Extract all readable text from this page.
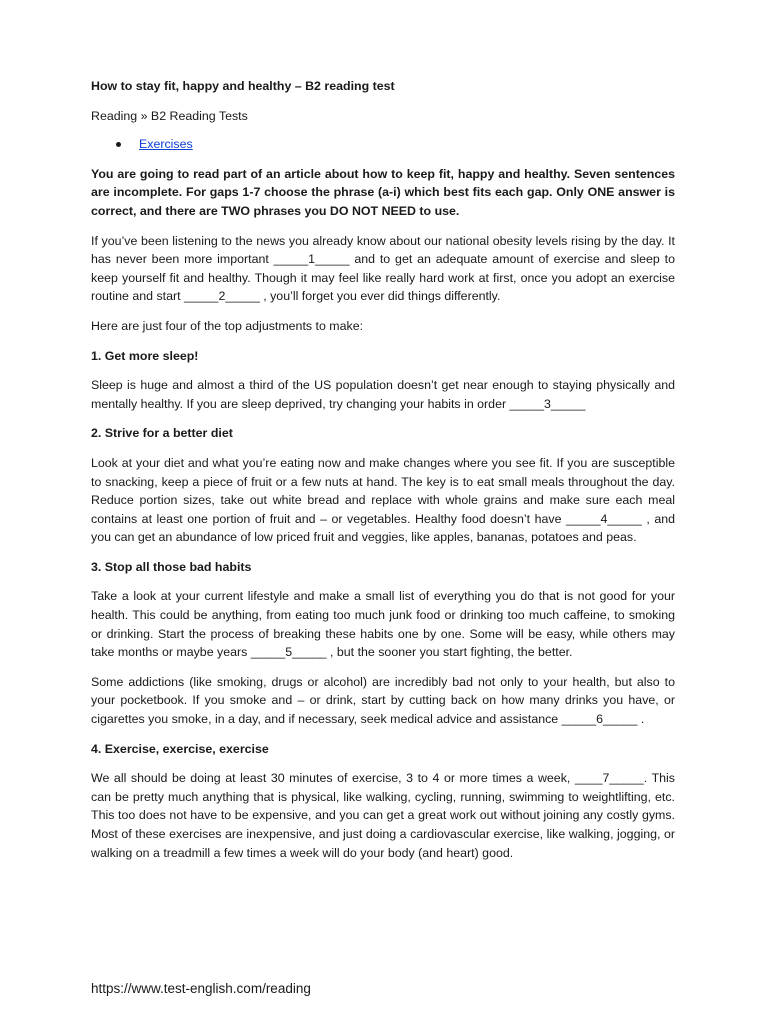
How to stay fit, happy and healthy – B2 reading test

Reading » B2 Reading Tests

Exercises

You are going to read part of an article about how to keep fit, happy and healthy. Seven sentences are incomplete. For gaps 1-7 choose the phrase (a-i) which best fits each gap. Only ONE answer is correct, and there are TWO phrases you DO NOT NEED to use.

If you’ve been listening to the news you already know about our national obesity levels rising by the day. It has never been more important _____1_____ and to get an adequate amount of exercise and sleep to keep yourself fit and healthy. Though it may feel like really hard work at first, once you adopt an exercise routine and start _____2_____ , you’ll forget you ever did things differently.

Here are just four of the top adjustments to make:

1. Get more sleep!

Sleep is huge and almost a third of the US population doesn’t get near enough to staying physically and mentally healthy. If you are sleep deprived, try changing your habits in order _____3_____

2. Strive for a better diet

Look at your diet and what you’re eating now and make changes where you see fit. If you are susceptible to snacking, keep a piece of fruit or a few nuts at hand. The key is to eat small meals throughout the day. Reduce portion sizes, take out white bread and replace with whole grains and make sure each meal contains at least one portion of fruit and – or vegetables. Healthy food doesn’t have _____4_____ , and you can get an abundance of low priced fruit and veggies, like apples, bananas, potatoes and peas.

3. Stop all those bad habits

Take a look at your current lifestyle and make a small list of everything you do that is not good for your health. This could be anything, from eating too much junk food or drinking too much caffeine, to smoking or drinking. Start the process of breaking these habits one by one. Some will be easy, while others may take months or maybe years _____5_____ , but the sooner you start fighting, the better.

Some addictions (like smoking, drugs or alcohol) are incredibly bad not only to your health, but also to your pocketbook. If you smoke and – or drink, start by cutting back on how many drinks you have, or cigarettes you smoke, in a day, and if necessary, seek medical advice and assistance _____6_____ .

4. Exercise, exercise, exercise

We all should be doing at least 30 minutes of exercise, 3 to 4 or more times a week, ____7_____. This can be pretty much anything that is physical, like walking, cycling, running, swimming to weightlifting, etc. This too does not have to be expensive, and you can get a great work out without joining any costly gyms. Most of these exercises are inexpensive, and just doing a cardiovascular exercise, like walking, jogging, or walking on a treadmill a few times a week will do your body (and heart) good.

https://www.test-english.com/reading
